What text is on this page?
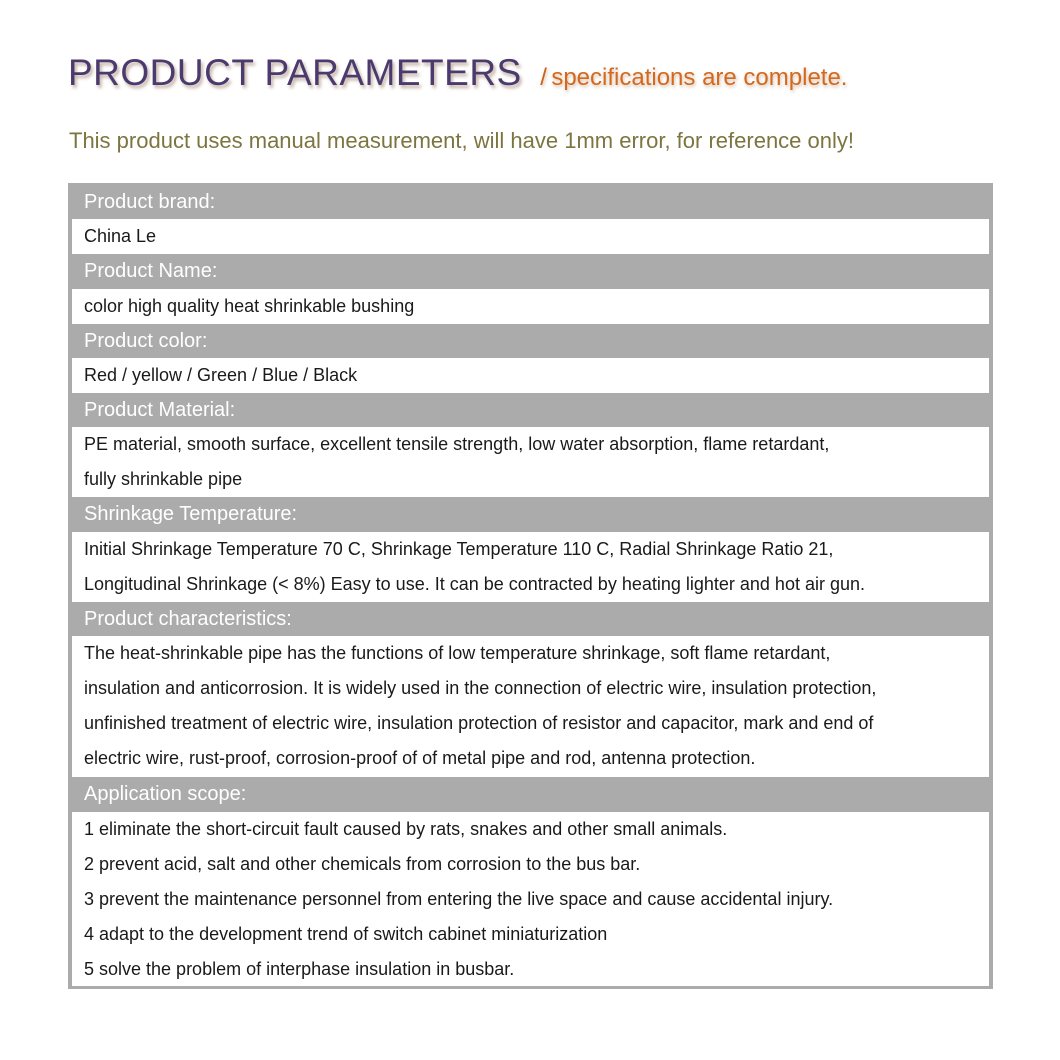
PRODUCT PARAMETERS / specifications are complete.
This product uses manual measurement, will have 1mm error, for reference only!
Product brand:
China Le
Product Name:
color high quality heat shrinkable bushing
Product color:
Red / yellow / Green / Blue / Black
Product Material:
PE material, smooth surface, excellent tensile strength, low water absorption, flame retardant,
fully shrinkable pipe
Shrinkage Temperature:
Initial Shrinkage Temperature 70 C, Shrinkage Temperature 110 C, Radial Shrinkage Ratio 21,
Longitudinal Shrinkage (< 8%) Easy to use. It can be contracted by heating lighter and hot air gun.
Product characteristics:
The heat-shrinkable pipe has the functions of low temperature shrinkage, soft flame retardant,
insulation and anticorrosion. It is widely used in the connection of electric wire, insulation protection,
unfinished treatment of electric wire, insulation protection of resistor and capacitor, mark and end of
electric wire, rust-proof, corrosion-proof of of metal pipe and rod, antenna protection.
Application scope:
1 eliminate the short-circuit fault caused by rats, snakes and other small animals.
2 prevent acid, salt and other chemicals from corrosion to the bus bar.
3 prevent the maintenance personnel from entering the live space and cause accidental injury.
4 adapt to the development trend of switch cabinet miniaturization
5 solve the problem of interphase insulation in busbar.
